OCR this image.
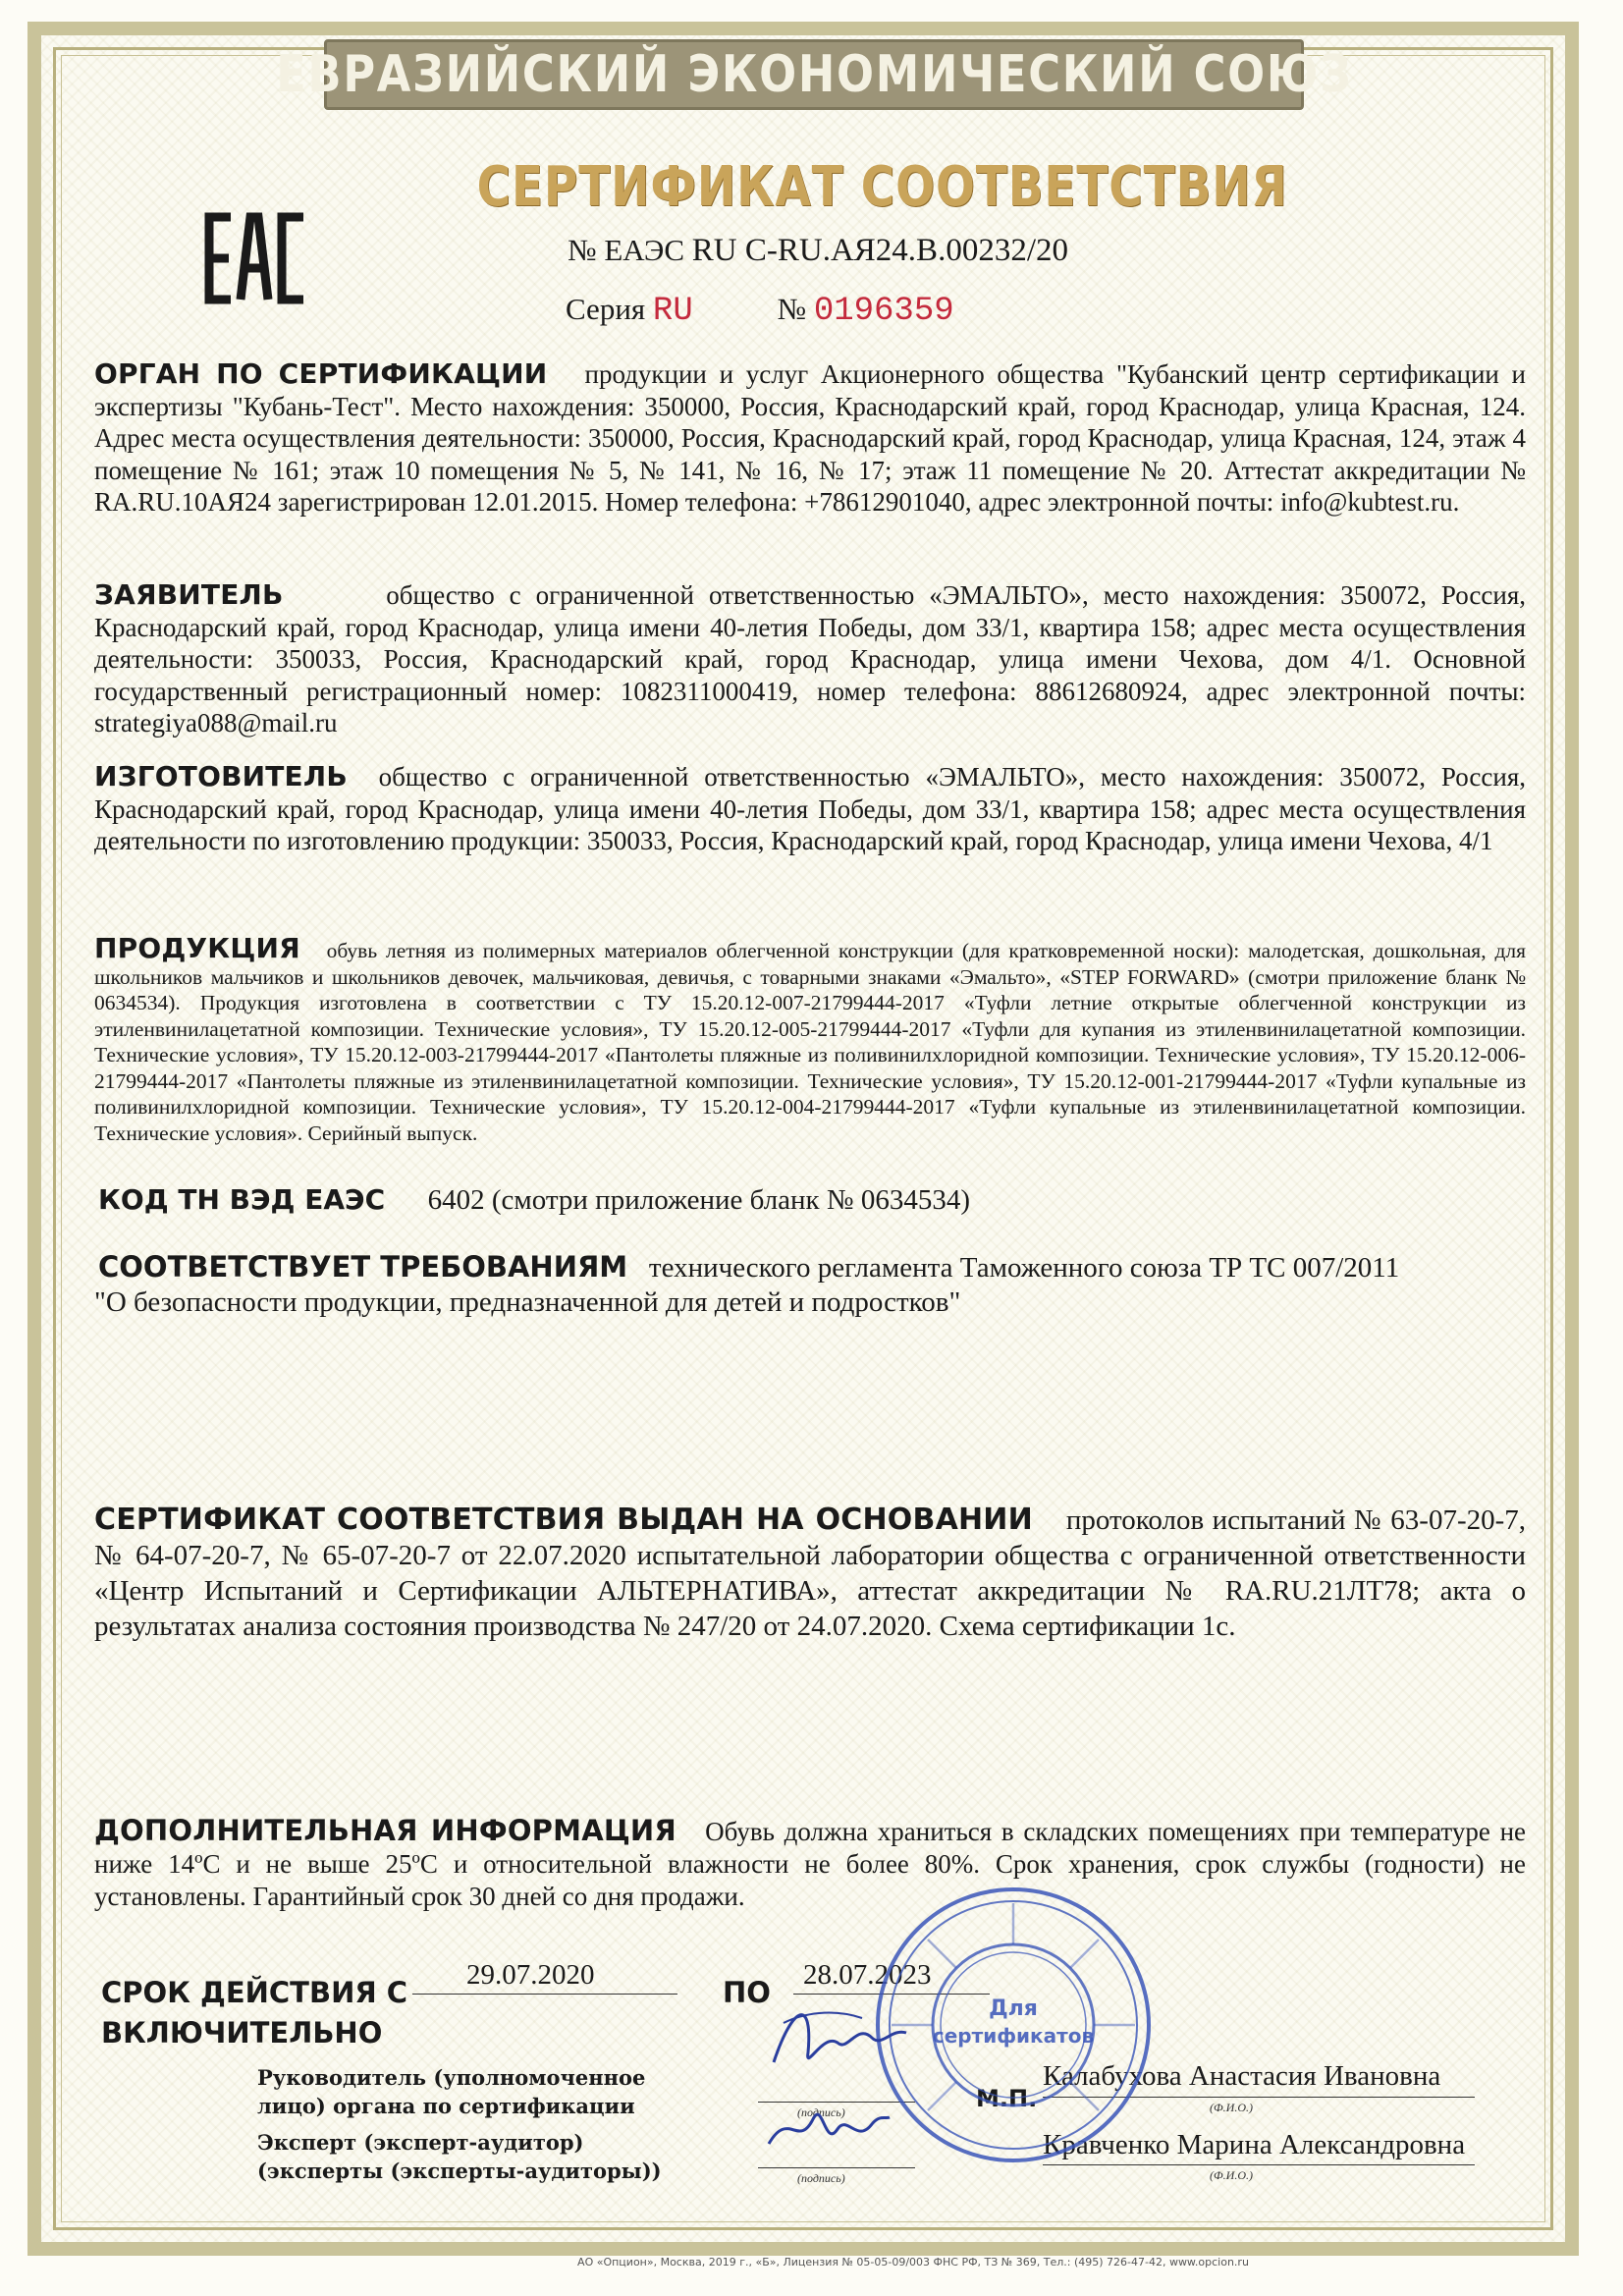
ЕВРАЗИЙСКИЙ ЭКОНОМИЧЕСКИЙ СОЮЗ
СЕРТИФИКАТ СООТВЕТСТВИЯ
№ ЕАЭС RU C-RU.АЯ24.В.00232/20
Серия RU	№ 0196359
ОРГАН ПО СЕРТИФИКАЦИИ продукции и услуг Акционерного общества "Кубанский центр сертификации и экспертизы "Кубань-Тест". Место нахождения: 350000, Россия, Краснодарский край, город Краснодар, улица Красная, 124. Адрес места осуществления деятельности: 350000, Россия, Краснодарский край, город Краснодар, улица Красная, 124, этаж 4 помещение № 161; этаж 10 помещения № 5, № 141, № 16, № 17; этаж 11 помещение № 20. Аттестат аккредитации № RA.RU.10АЯ24 зарегистрирован 12.01.2015. Номер телефона: +78612901040, адрес электронной почты: info@kubtest.ru.
ЗАЯВИТЕЛЬ	общество с ограниченной ответственностью «ЭМАЛЬТО», место нахождения: 350072, Россия, Краснодарский край, город Краснодар, улица имени 40-летия Победы, дом 33/1, квартира 158; адрес места осуществления деятельности: 350033, Россия, Краснодарский край, город Краснодар, улица имени Чехова, дом 4/1. Основной государственный регистрационный номер: 1082311000419, номер телефона: 88612680924, адрес электронной почты: strategiya088@mail.ru
ИЗГОТОВИТЕЛЬ общество с ограниченной ответственностью «ЭМАЛЬТО», место нахождения: 350072, Россия, Краснодарский край, город Краснодар, улица имени 40-летия Победы, дом 33/1, квартира 158; адрес места осуществления деятельности по изготовлению продукции: 350033, Россия, Краснодарский край, город Краснодар, улица имени Чехова, 4/1
ПРОДУКЦИЯ обувь летняя из полимерных материалов облегченной конструкции (для кратковременной носки): малодетская, дошкольная, для школьников мальчиков и школьников девочек, мальчиковая, девичья, с товарными знаками «Эмальто», «STEP FORWARD» (смотри приложение бланк № 0634534). Продукция изготовлена в соответствии с ТУ 15.20.12-007-21799444-2017 «Туфли летние открытые облегченной конструкции из этиленвинилацетатной композиции. Технические условия», ТУ 15.20.12-005-21799444-2017 «Туфли для купания из этиленвинилацетатной композиции. Технические условия», ТУ 15.20.12-003-21799444-2017 «Пантолеты пляжные из поливинилхлоридной композиции. Технические условия», ТУ 15.20.12-006-21799444-2017 «Пантолеты пляжные из этиленвинилацетатной композиции. Технические условия», ТУ 15.20.12-001-21799444-2017 «Туфли купальные из поливинилхлоридной композиции. Технические условия», ТУ 15.20.12-004-21799444-2017 «Туфли купальные из этиленвинилацетатной композиции. Технические условия». Серийный выпуск.
КОД ТН ВЭД ЕАЭС 6402 (смотри приложение бланк № 0634534)
СООТВЕТСТВУЕТ ТРЕБОВАНИЯМ технического регламента Таможенного союза ТР ТС 007/2011
"О безопасности продукции, предназначенной для детей и подростков"
СЕРТИФИКАТ СООТВЕТСТВИЯ ВЫДАН НА ОСНОВАНИИ протоколов испытаний № 63-07-20-7, № 64-07-20-7, № 65-07-20-7 от 22.07.2020 испытательной лаборатории общества с ограниченной ответственности «Центр Испытаний и Сертификации АЛЬТЕРНАТИВА», аттестат аккредитации № RA.RU.21ЛТ78; акта о результатах анализа состояния производства № 247/20 от 24.07.2020. Схема сертификации 1с.
ДОПОЛНИТЕЛЬНАЯ ИНФОРМАЦИЯ Обувь должна храниться в складских помещениях при температуре не ниже 14ºС и не выше 25ºС и относительной влажности не более 80%. Срок хранения, срок службы (годности) не установлены. Гарантийный срок 30 дней со дня продажи.
СРОК ДЕЙСТВИЯ С
29.07.2020
ПО
28.07.2023
ВКЛЮЧИТЕЛЬНО
Руководитель (уполномоченное
лицо) органа по сертификации	(подпись)
Калабухова Анастасия Ивановна
(Ф.И.О.)
М.П.
Эксперт (эксперт-аудитор)
(эксперты (эксперты-аудиторы))	(подпись)
Кравченко Марина Александровна
(Ф.И.О.)
Для
сертификатов
АО «Опцион», Москва, 2019 г., «Б», Лицензия № 05-05-09/003 ФНС РФ, ТЗ № 369, Тел.: (495) 726-47-42, www.opcion.ru
